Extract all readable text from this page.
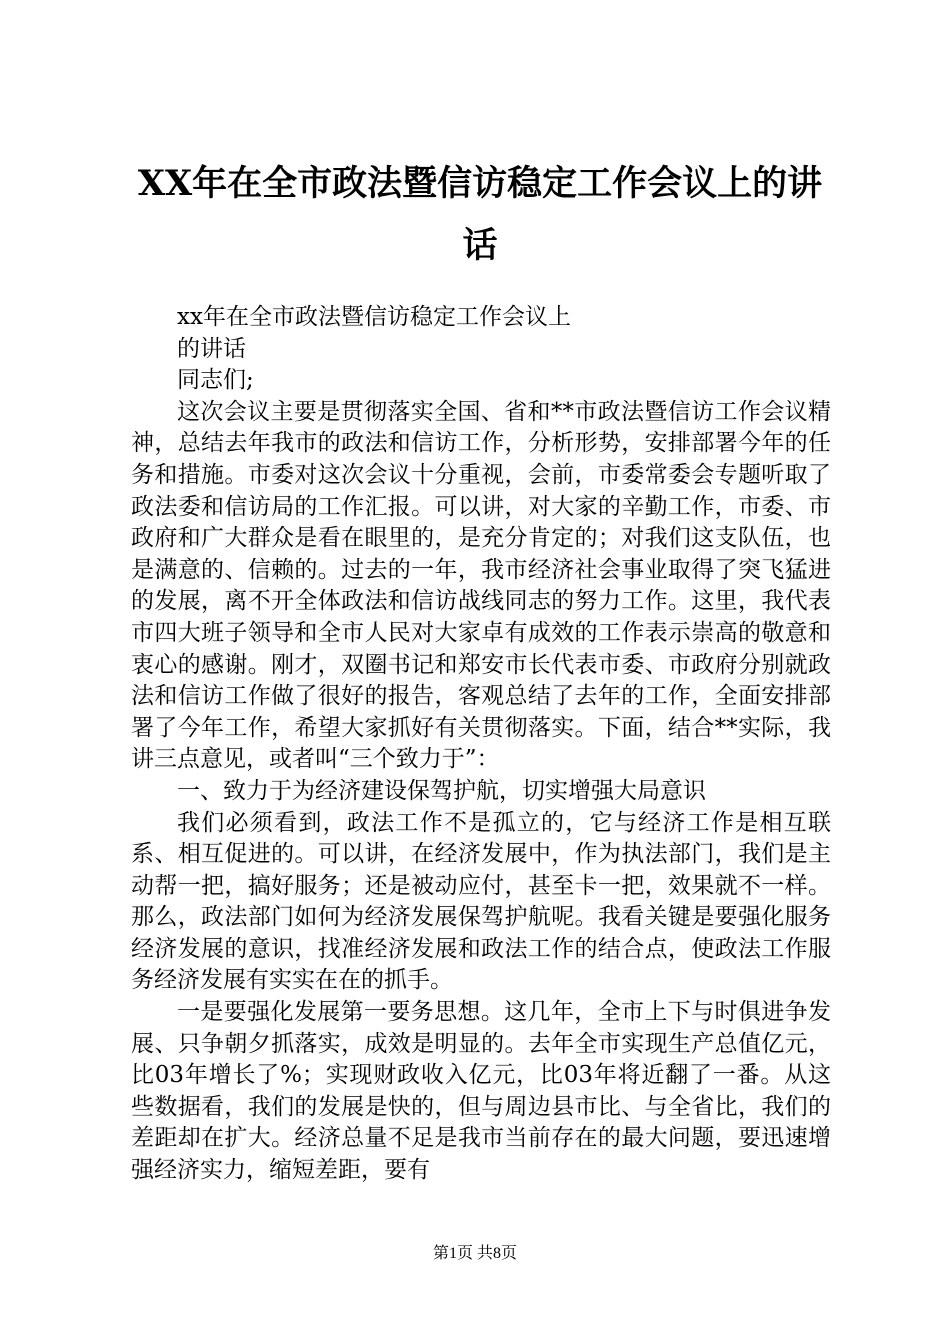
XX年在全市政法暨信访稳定工作会议上的讲
话

xx年在全市政法暨信访稳定工作会议上

的讲话

同志们;

这次会议主要是贯彻落实全国、省和**市政法暨信访工作会议精神，总结去年我市的政法和信访工作，分析形势，安排部署今年的任务和措施。市委对这次会议十分重视，会前，市委常委会专题听取了政法委和信访局的工作汇报。可以讲，对大家的辛勤工作，市委、市政府和广大群众是看在眼里的，是充分肯定的；对我们这支队伍，也是满意的、信赖的。过去的一年，我市经济社会事业取得了突飞猛进的发展，离不开全体政法和信访战线同志的努力工作。这里，我代表市四大班子领导和全市人民对大家卓有成效的工作表示崇高的敬意和衷心的感谢。刚才，双圈书记和郑安市长代表市委、市政府分别就政法和信访工作做了很好的报告，客观总结了去年的工作，全面安排部署了今年工作，希望大家抓好有关贯彻落实。下面，结合**实际，我讲三点意见，或者叫“三个致力于”：

一、致力于为经济建设保驾护航，切实增强大局意识

我们必须看到，政法工作不是孤立的，它与经济工作是相互联系、相互促进的。可以讲，在经济发展中，作为执法部门，我们是主动帮一把，搞好服务；还是被动应付，甚至卡一把，效果就不一样。那么，政法部门如何为经济发展保驾护航呢。我看关键是要强化服务经济发展的意识，找准经济发展和政法工作的结合点，使政法工作服务经济发展有实实在在的抓手。

一是要强化发展第一要务思想。这几年，全市上下与时俱进争发展、只争朝夕抓落实，成效是明显的。去年全市实现生产总值亿元，比03年增长了%；实现财政收入亿元，比03年将近翻了一番。从这些数据看，我们的发展是快的，但与周边县市比、与全省比，我们的差距却在扩大。经济总量不足是我市当前存在的最大问题，要迅速增强经济实力，缩短差距，要有

第1页 共8页
